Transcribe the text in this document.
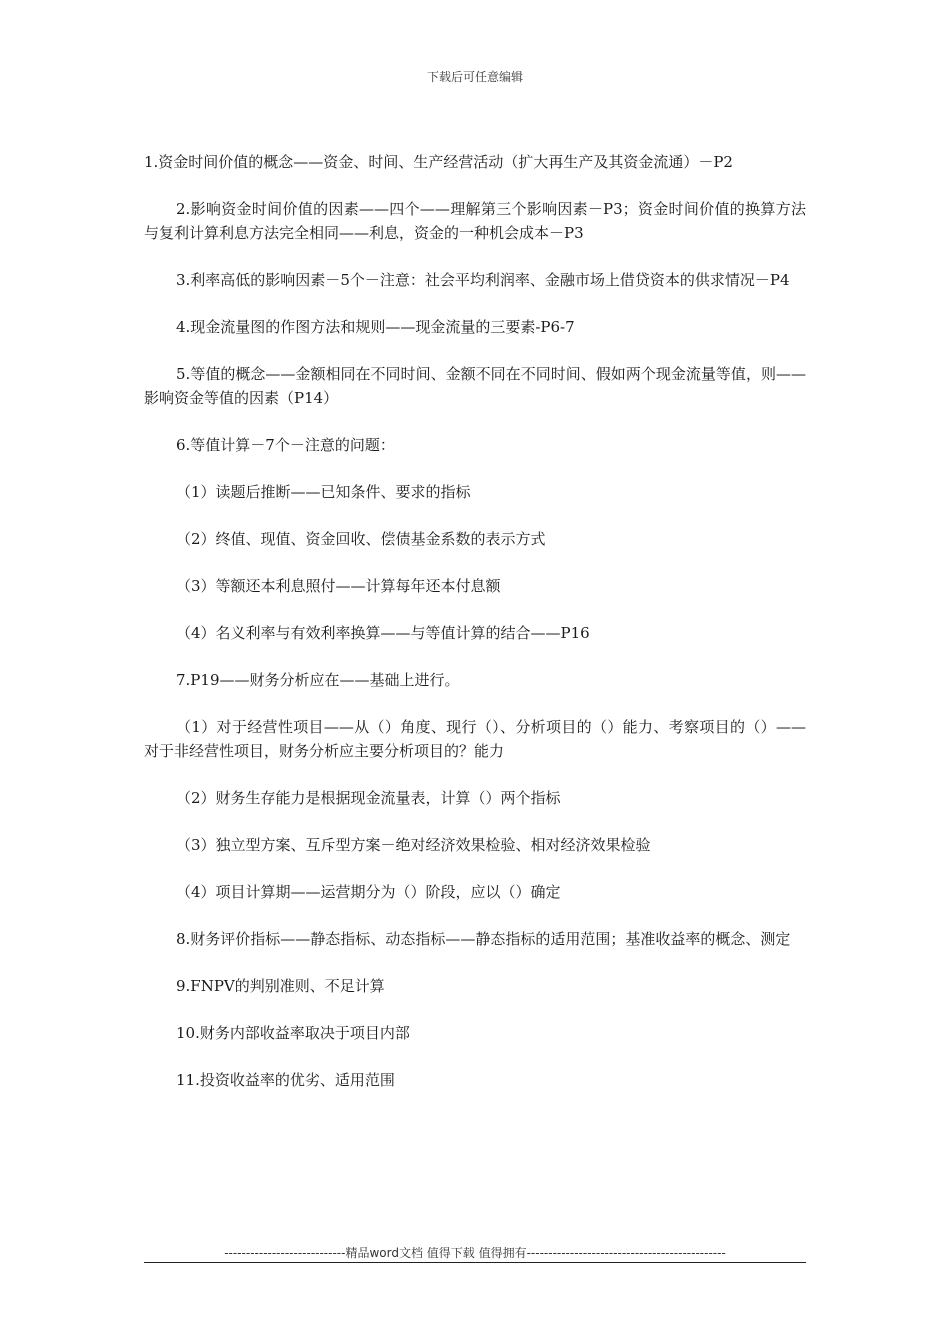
下载后可任意编辑

1.资金时间价值的概念——资金、时间、生产经营活动（扩大再生产及其资金流通）－P2

2.影响资金时间价值的因素——四个——理解第三个影响因素－P3；资金时间价值的换算方法与复利计算利息方法完全相同——利息，资金的一种机会成本－P3

3.利率高低的影响因素－5个－注意：社会平均利润率、金融市场上借贷资本的供求情况－P4

4.现金流量图的作图方法和规则——现金流量的三要素-P6-7

5.等值的概念——金额相同在不同时间、金额不同在不同时间、假如两个现金流量等值，则——影响资金等值的因素（P14）

6.等值计算－7个－注意的问题：

（1）读题后推断——已知条件、要求的指标

（2）终值、现值、资金回收、偿债基金系数的表示方式

（3）等额还本利息照付——计算每年还本付息额

（4）名义利率与有效利率换算——与等值计算的结合——P16

7.P19——财务分析应在——基础上进行。

（1）对于经营性项目——从（）角度、现行（）、分析项目的（）能力、考察项目的（）——对于非经营性项目，财务分析应主要分析项目的？能力

（2）财务生存能力是根据现金流量表，计算（）两个指标

（3）独立型方案、互斥型方案－绝对经济效果检验、相对经济效果检验

（4）项目计算期——运营期分为（）阶段，应以（）确定

8.财务评价指标——静态指标、动态指标——静态指标的适用范围；基准收益率的概念、测定

9.FNPV的判别准则、不足计算

10.财务内部收益率取决于项目内部

11.投资收益率的优劣、适用范围

----------------------------精品word文档 值得下载 值得拥有----------------------------------------------
